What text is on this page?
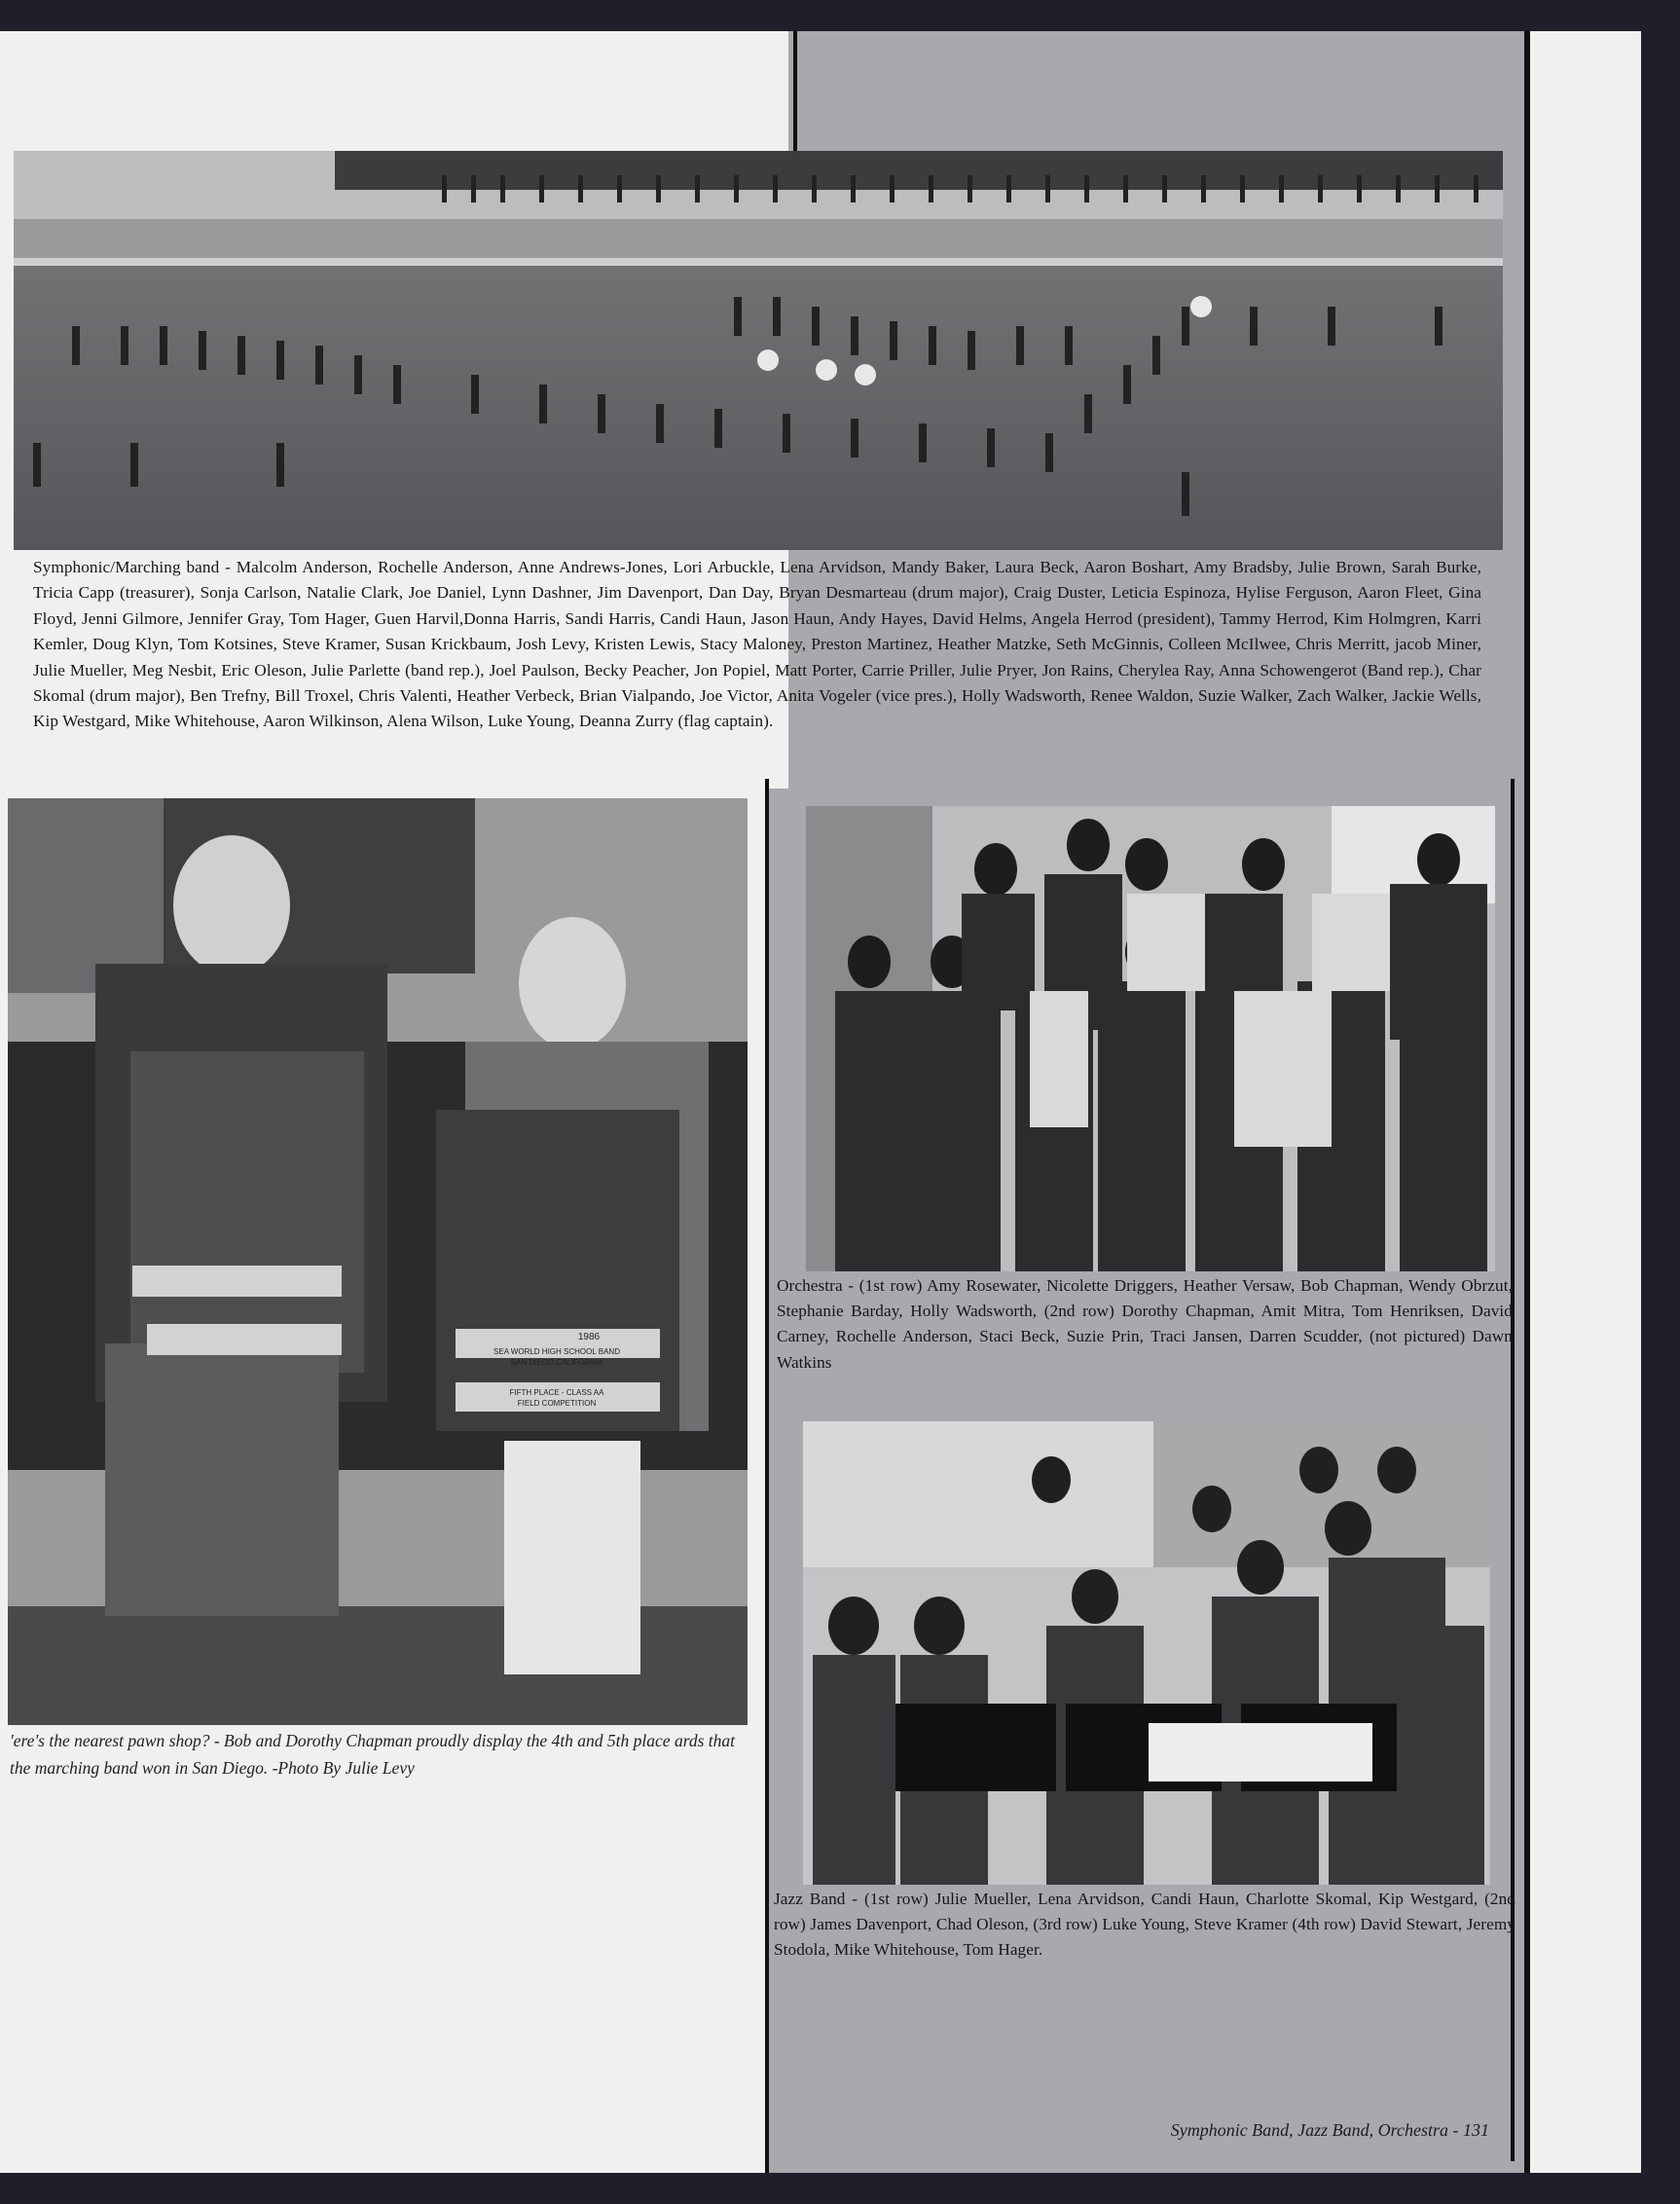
Symphonic/Marching band - Malcolm Anderson, Rochelle Anderson, Anne Andrews-Jones, Lori Arbuckle, Lena Arvidson, Mandy Baker, Laura Beck, Aaron Boshart, Amy Bradsby, Julie Brown, Sarah Burke, Tricia Capp (treasurer), Sonja Carlson, Natalie Clark, Joe Daniel, Lynn Dashner, Jim Davenport, Dan Day, Bryan Desmarteau (drum major), Craig Duster, Leticia Espinoza, Hylise Ferguson, Aaron Fleet, Gina Floyd, Jenni Gilmore, Jennifer Gray, Tom Hager, Guen Harvil,Donna Harris, Sandi Harris, Candi Haun, Jason Haun, Andy Hayes, David Helms, Angela Herrod (president), Tammy Herrod, Kim Holmgren, Karri Kemler, Doug Klyn, Tom Kotsines, Steve Kramer, Susan Krickbaum, Josh Levy, Kristen Lewis, Stacy Maloney, Preston Martinez, Heather Matzke, Seth McGinnis, Colleen McIlwee, Chris Merritt, jacob Miner, Julie Mueller, Meg Nesbit, Eric Oleson, Julie Parlette (band rep.), Joel Paulson, Becky Peacher, Jon Popiel, Matt Porter, Carrie Priller, Julie Pryer, Jon Rains, Cherylea Ray, Anna Schowengerot (Band rep.), Char Skomal (drum major), Ben Trefny, Bill Troxel, Chris Valenti, Heather Verbeck, Brian Vialpando, Joe Victor, Anita Vogeler (vice pres.), Holly Wadsworth, Renee Waldon, Suzie Walker, Zach Walker, Jackie Wells, Kip Westgard, Mike Whitehouse, Aaron Wilkinson, Alena Wilson, Luke Young, Deanna Zurry (flag captain).
1986
SEA WORLD HIGH SCHOOL BAND
SAN DIEGO CALIFORNIA
FIFTH PLACE - CLASS AA
FIELD COMPETITION
'ere's the nearest pawn shop? - Bob and Dorothy Chapman proudly display the 4th and 5th place ards that the marching band won in San Diego. -Photo By Julie Levy
Orchestra - (1st row) Amy Rosewater, Nicolette Driggers, Heather Versaw, Bob Chapman, Wendy Obrzut, Stephanie Barday, Holly Wadsworth, (2nd row) Dorothy Chapman, Amit Mitra, Tom Henriksen, David Carney, Rochelle Anderson, Staci Beck, Suzie Prin, Traci Jansen, Darren Scudder, (not pictured) Dawn Watkins
Jazz Band - (1st row) Julie Mueller, Lena Arvidson, Candi Haun, Charlotte Skomal, Kip Westgard, (2nd row) James Davenport, Chad Oleson, (3rd row) Luke Young, Steve Kramer (4th row) David Stewart, Jeremy Stodola, Mike Whitehouse, Tom Hager.
Symphonic Band, Jazz Band, Orchestra - 131
